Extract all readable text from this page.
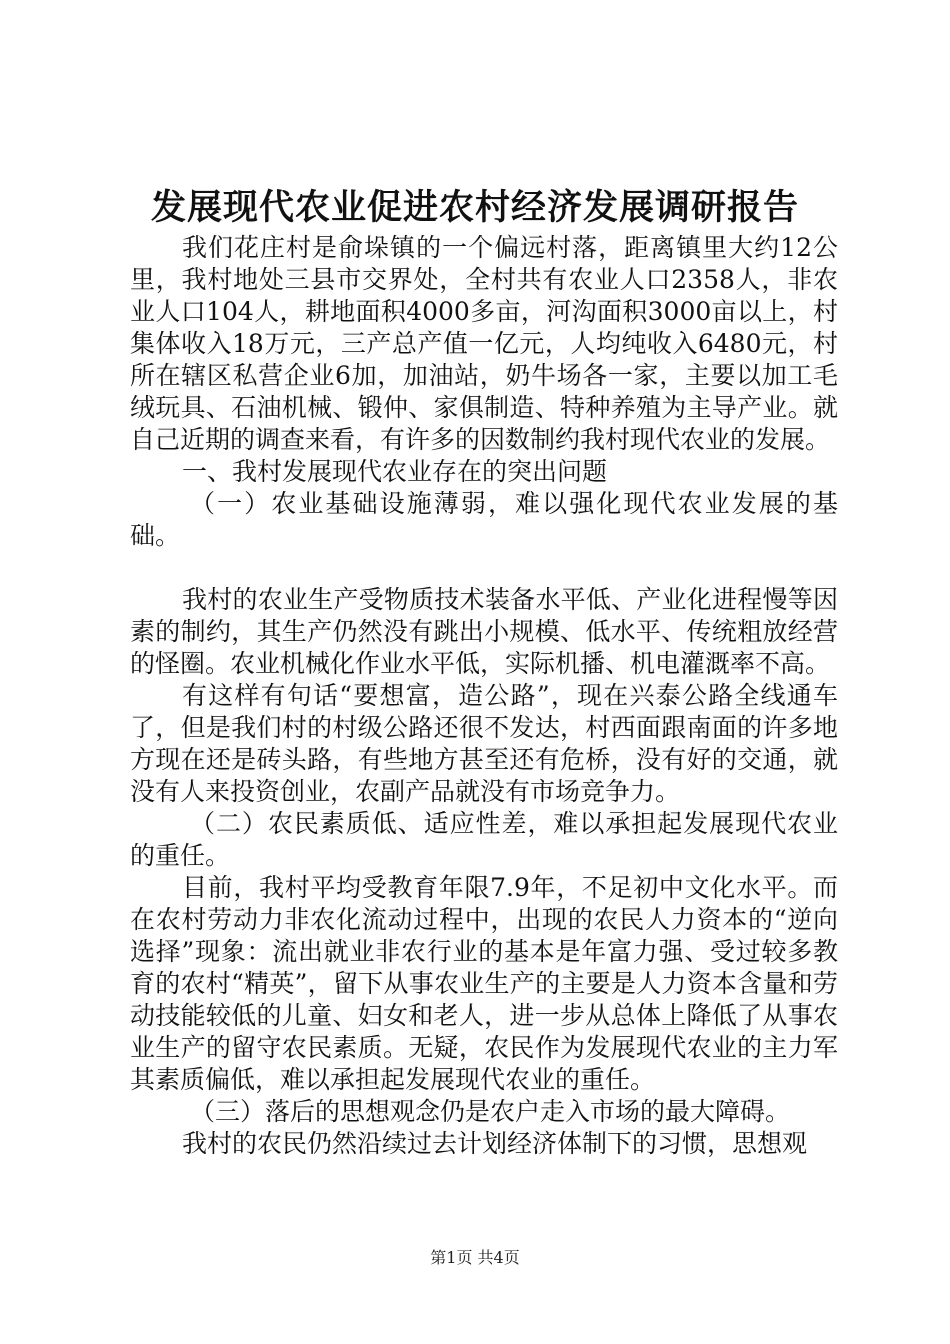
发展现代农业促进农村经济发展调研报告

我们花庄村是俞垛镇的一个偏远村落，距离镇里大约12公里，我村地处三县市交界处，全村共有农业人口2358人，非农业人口104人，耕地面积4000多亩，河沟面积3000亩以上，村集体收入18万元，三产总产值一亿元，人均纯收入6480元，村所在辖区私营企业6加，加油站，奶牛场各一家，主要以加工毛绒玩具、石油机械、锻仲、家俱制造、特种养殖为主导产业。就自己近期的调查来看，有许多的因数制约我村现代农业的发展。

一、我村发展现代农业存在的突出问题

（一）农业基础设施薄弱，难以强化现代农业发展的基础。

我村的农业生产受物质技术装备水平低、产业化进程慢等因素的制约，其生产仍然没有跳出小规模、低水平、传统粗放经营的怪圈。农业机械化作业水平低，实际机播、机电灌溉率不高。

有这样有句话“要想富，造公路”，现在兴泰公路全线通车了，但是我们村的村级公路还很不发达，村西面跟南面的许多地方现在还是砖头路，有些地方甚至还有危桥，没有好的交通，就没有人来投资创业，农副产品就没有市场竞争力。

（二）农民素质低、适应性差，难以承担起发展现代农业的重任。

目前，我村平均受教育年限7.9年，不足初中文化水平。而在农村劳动力非农化流动过程中，出现的农民人力资本的“逆向选择”现象：流出就业非农行业的基本是年富力强、受过较多教育的农村“精英”，留下从事农业生产的主要是人力资本含量和劳动技能较低的儿童、妇女和老人，进一步从总体上降低了从事农业生产的留守农民素质。无疑，农民作为发展现代农业的主力军其素质偏低，难以承担起发展现代农业的重任。

（三）落后的思想观念仍是农户走入市场的最大障碍。

我村的农民仍然沿续过去计划经济体制下的习惯，思想观

第1页 共4页
